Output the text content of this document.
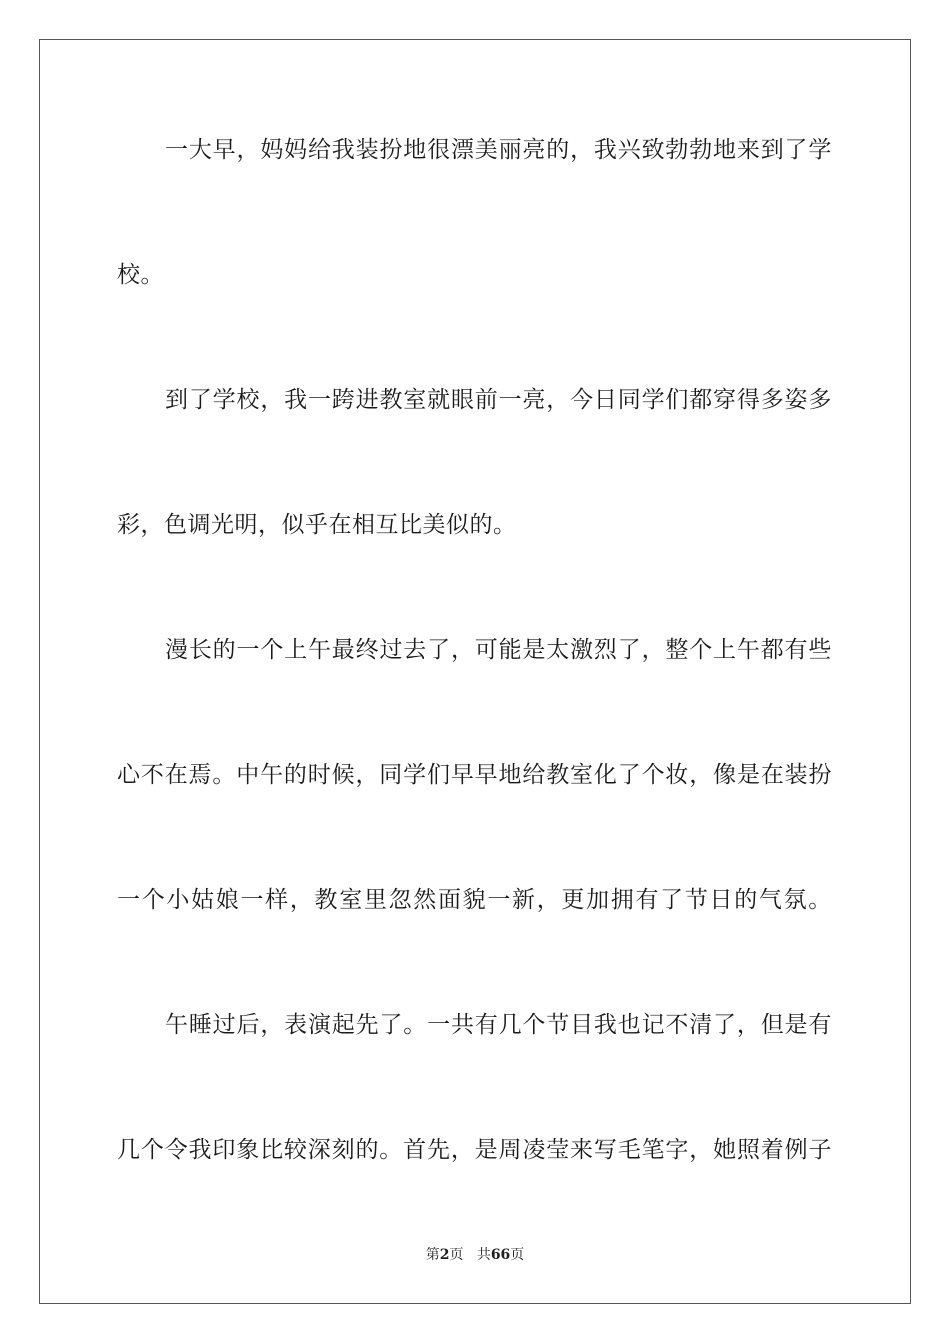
一 大 早 ， 妈 妈 给 我 装 扮 地 很 漂 美 丽 亮 的 ， 我 兴 致 勃 勃 地 来 到 了 学
校。
到 了 学 校 ， 我 一 跨 进 教 室 就 眼 前 一 亮 ， 今 日 同 学 们 都 穿 得 多 姿 多
彩，色调光明，似乎在相互比美似的。
漫 长 的 一 个 上 午 最 终 过 去 了 ， 可 能 是 太 激 烈 了 ， 整 个 上 午 都 有 些
心 不 在 焉 。 中 午 的 时 候 ， 同 学 们 早 早 地 给 教 室 化 了 个 妆 ， 像 是 在 装 扮
一 个 小 姑 娘 一 样 ， 教 室 里 忽 然 面 貌 一 新 ， 更 加 拥 有 了 节 日 的 气 氛 。
午 睡 过 后 ， 表 演 起 先 了 。 一 共 有 几 个 节 目 我 也 记 不 清 了 ， 但 是 有
几 个 令 我 印 象 比 较 深 刻 的 。 首 先 ， 是 周 凌 莹 来 写 毛 笔 字 ， 她 照 着 例 子
第2页 共66页
